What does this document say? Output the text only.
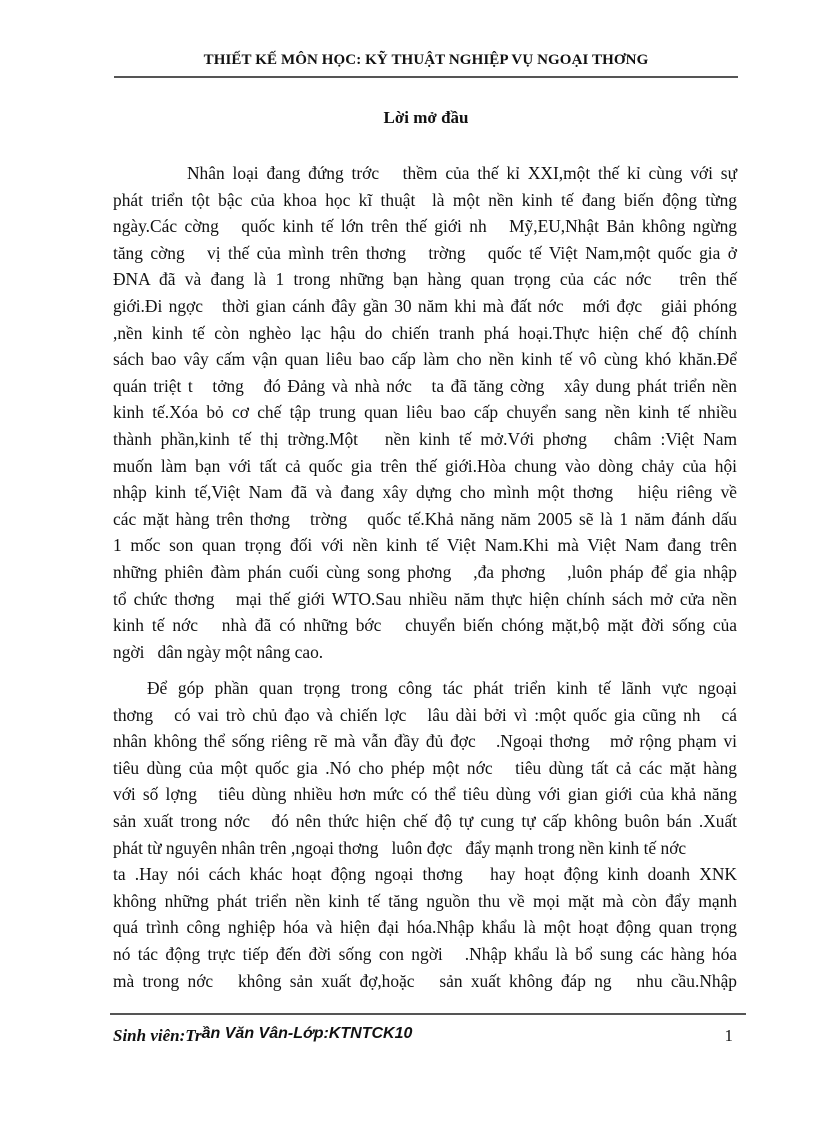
THIẾT KẾ MÔN HỌC: KỸ THUẬT NGHIỆP VỤ NGOẠI THƠNG
Lời mở đầu
Nhân loại đang đứng trớc   thềm của thế kỉ XXI,một thế kỉ cùng với sự
phát triển tột bậc của khoa học kĩ thuật  là một nền kinh tế đang biến động từng
ngày.Các cờng   quốc kinh tế lớn trên thế giới nh   Mỹ,EU,Nhật Bản không ngừng
tăng cờng   vị thế của mình trên thơng   trờng   quốc tế Việt Nam,một quốc gia ở
ĐNA đã và đang là 1 trong những bạn hàng quan trọng của các nớc   trên thế
giới.Đi ngợc   thời gian cánh đây gần 30 năm khi mà đất nớc   mới đợc   giải phóng
,nền kinh tế còn nghèo lạc hậu do chiến tranh phá hoại.Thực hiện chế độ chính
sách bao vây cấm vận quan liêu bao cấp làm cho nền kinh tế vô cùng khó khăn.Để
quán triệt t   tởng   đó Đảng và nhà nớc   ta đã tăng cờng   xây dung phát triển nền
kinh tế.Xóa bỏ cơ chế tập trung quan liêu bao cấp chuyển sang nền kinh tế nhiều
thành phần,kinh tế thị trờng.Một   nền kinh tế mở.Với phơng   châm :Việt Nam
muốn làm bạn với tất cả quốc gia trên thế giới.Hòa chung vào dòng chảy của hội
nhập kinh tế,Việt Nam đã và đang xây dựng cho mình một thơng   hiệu riêng về
các mặt hàng trên thơng   trờng   quốc tế.Khả năng năm 2005 sẽ là 1 năm đánh dấu
1 mốc son quan trọng đối với nền kinh tế Việt Nam.Khi mà Việt Nam đang trên
những phiên đàm phán cuối cùng song phơng   ,đa phơng   ,luôn pháp để gia nhập
tổ chức thơng   mại thế giới WTO.Sau nhiều năm thực hiện chính sách mở cửa nền
kinh tế nớc   nhà đã có những bớc   chuyển biến chóng mặt,bộ mặt đời sống của
ngời   dân ngày một nâng cao.
Để góp phần quan trọng trong công tác phát triển kinh tế lãnh vực ngoại
thơng   có vai trò chủ đạo và chiến lợc   lâu dài bởi vì :một quốc gia cũng nh   cá
nhân không thể sống riêng rẽ mà vẫn đầy đủ đợc   .Ngoại thơng   mở rộng phạm vi
tiêu dùng của một quốc gia .Nó cho phép một nớc   tiêu dùng tất cả các mặt hàng
với số lợng   tiêu dùng nhiều hơn mức có thể tiêu dùng với gian giới của khả năng
sản xuất trong nớc   đó nên thức hiện chế độ tự cung tự cấp không buôn bán .Xuất
phát từ nguyên nhân trên ,ngoại thơng   luôn đợc   đẩy mạnh trong nền kinh tế nớc
ta .Hay nói cách khác hoạt động ngoại thơng   hay hoạt động kinh doanh XNK
không những phát triển nền kinh tế tăng nguồn thu về mọi mặt mà còn đẩy mạnh
quá trình công nghiệp hóa và hiện đại hóa.Nhập khẩu là một hoạt động quan trọng
nó tác động trực tiếp đến đời sống con ngời   .Nhập khẩu là bổ sung các hàng hóa
mà trong nớc   không sản xuất đợ,hoặc   sản xuất không đáp ng   nhu cầu.Nhập
Sinh viên:Trần Văn Vân-Lớp:KTNTCK10	1
